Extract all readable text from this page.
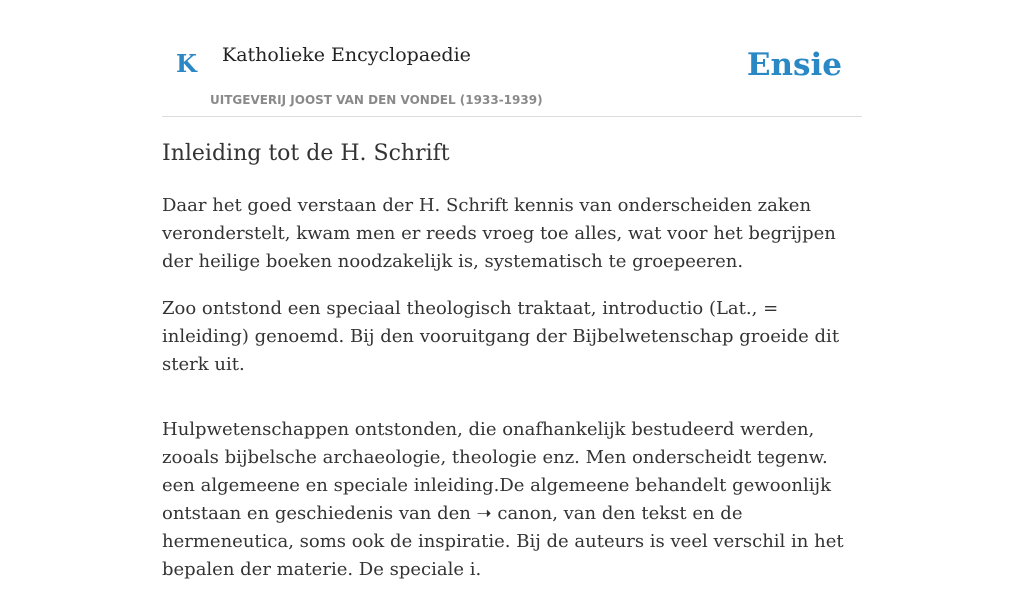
K Katholieke Encyclopaedie
UITGEVERIJ JOOST VAN DEN VONDEL (1933-1939)
Ensie
Inleiding tot de H. Schrift

Daar het goed verstaan der H. Schrift kennis van onderscheiden zaken veronderstelt, kwam men er reeds vroeg toe alles, wat voor het begrijpen der heilige boeken noodzakelijk is, systematisch te groepeeren.

Zoo ontstond een speciaal theologisch traktaat, introductio (Lat., = inleiding) genoemd. Bij den vooruitgang der Bijbelwetenschap groeide dit sterk uit.

Hulpwetenschappen ontstonden, die onafhankelijk bestudeerd werden, zooals bijbelsche archaeologie, theologie enz. Men onderscheidt tegenw. een algemeene en speciale inleiding.De algemeene behandelt gewoonlijk ontstaan en geschiedenis van den ➝ canon, van den tekst en de hermeneutica, soms ook de inspiratie. Bij de auteurs is veel verschil in het bepalen der materie. De speciale i.
